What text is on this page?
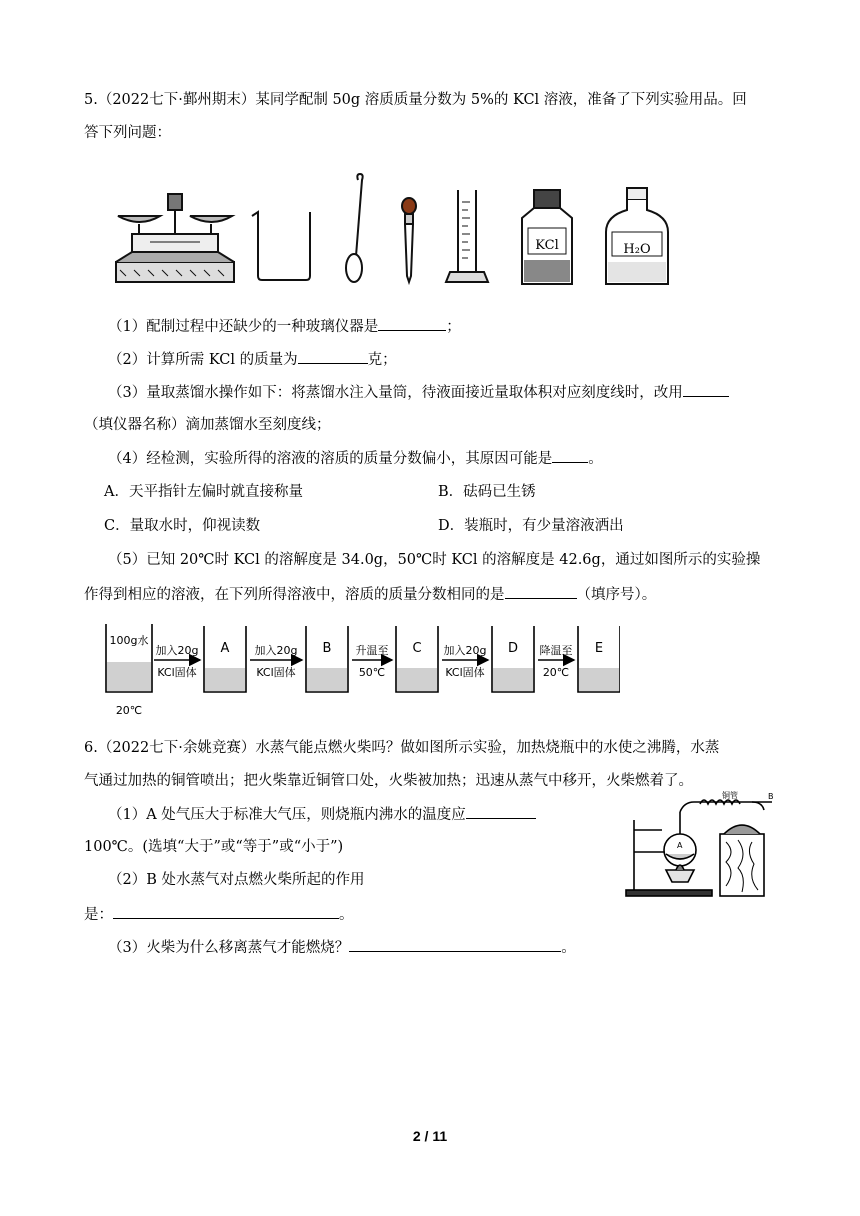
5.（2022七下·鄞州期末）某同学配制 50g 溶质质量分数为 5%的 KCl 溶液，准备了下列实验用品。回
答下列问题：
KCl	H₂O
（1）配制过程中还缺少的一种玻璃仪器是	；
（2）计算所需 KCl 的质量为	克；
（3）量取蒸馏水操作如下：将蒸馏水注入量筒，待液面接近量取体积对应刻度线时，改用
（填仪器名称）滴加蒸馏水至刻度线；
（4）经检测，实验所得的溶液的溶质的质量分数偏小，其原因可能是 。
A．天平指针左偏时就直接称量	B．砝码已生锈
C．量取水时，仰视读数	D．装瓶时，有少量溶液洒出
（5）已知 20℃时 KCl 的溶解度是 34.0g，50℃时 KCl 的溶解度是 42.6g，通过如图所示的实验操
作得到相应的溶液，在下列所得溶液中，溶质的质量分数相同的是	（填序号）。
100g水
20℃
A	B	C	D	E
加入20g
KCl固体
加入20g
KCl固体
升温至
50℃
加入20g
KCl固体
降温至
20℃
6.（2022七下·余姚竞赛）水蒸气能点燃火柴吗？做如图所示实验，加热烧瓶中的水使之沸腾，水蒸
气通过加热的铜管喷出；把火柴靠近铜管口处，火柴被加热；迅速从蒸气中移开，火柴燃着了。
（1）A 处气压大于标准大气压，则烧瓶内沸水的温度应
100℃。(选填“大于”或“等于”或“小于”)
（2）B 处水蒸气对点燃火柴所起的作用
是：	。
（3）火柴为什么移离蒸气才能燃烧？	。
铜管	B
A
2 / 11
